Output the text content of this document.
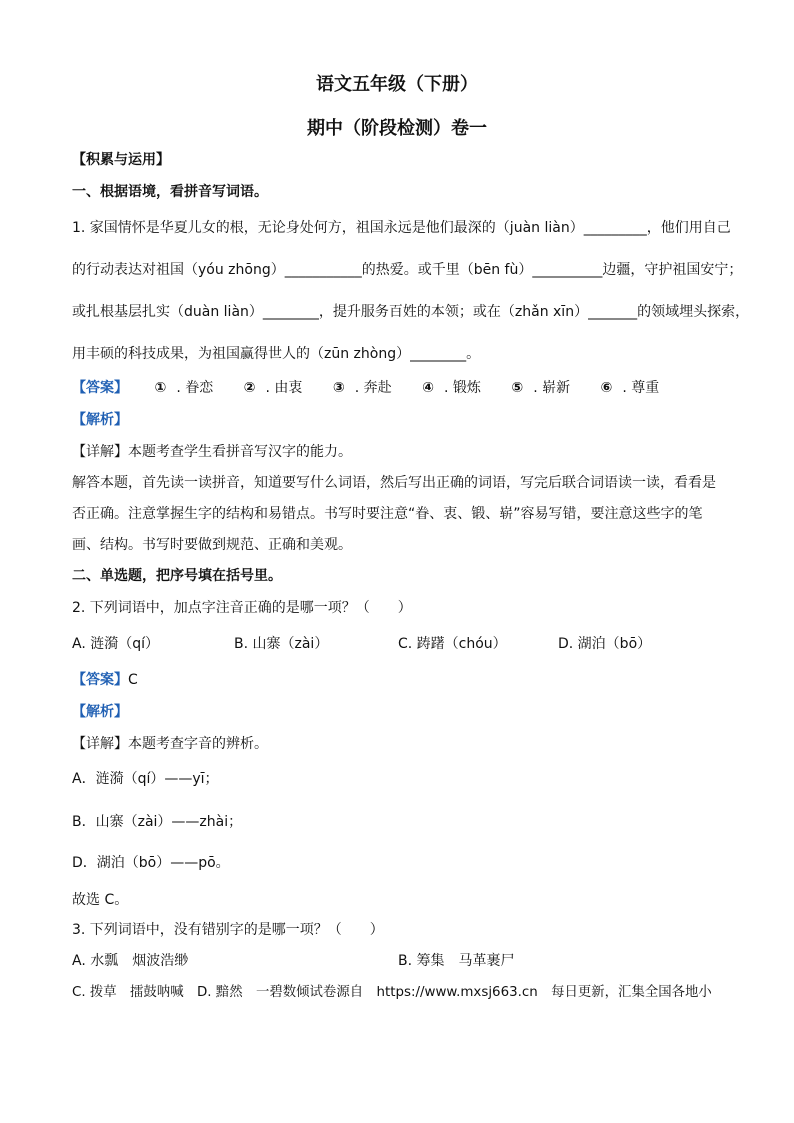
语文五年级（下册）
期中（阶段检测）卷一
【积累与运用】
一、根据语境，看拼音写词语。
1. 家国情怀是华夏儿女的根，无论身处何方，祖国永远是他们最深的（juàn liàn）_________，他们用自己
的行动表达对祖国（yóu zhōng）___________的热爱。或千里（bēn fù）__________边疆，守护祖国安宁；
或扎根基层扎实（duàn liàn）________，提升服务百姓的本领；或在（zhǎn xīn）_______的领域埋头探索，
用丰硕的科技成果，为祖国赢得世人的（zūn zhòng）________。
【答案】 ① . 眷恋 ② . 由衷 ③ . 奔赴 ④ . 锻炼 ⑤ . 崭新 ⑥ . 尊重
【解析】
【详解】本题考查学生看拼音写汉字的能力。
解答本题，首先读一读拼音，知道要写什么词语，然后写出正确的词语，写完后联合词语读一读，看看是
否正确。注意掌握生字的结构和易错点。书写时要注意“眷、衷、锻、崭”容易写错，要注意这些字的笔
画、结构。书写时要做到规范、正确和美观。
二、单选题，把序号填在括号里。
2. 下列词语中，加点字注音正确的是哪一项？（　　）
A. 涟漪（qí）	B. 山寨（zài）	C. 踌躇（chóu）	D. 湖泊（bō）
【答案】C
【解析】
【详解】本题考查字音的辨析。
A．涟漪（qí）——yī；
B．山寨（zài）——zhài；
D．湖泊（bō）——pō。
故选 C。
3. 下列词语中，没有错别字的是哪一项？（　　）
A. 水瓢　烟波浩缈	B. 筹集　马革裹尸
C. 拨草　擂鼓呐喊　D. 黯然　一碧数倾试卷源自　https://www.mxsj663.cn　每日更新，汇集全国各地小
